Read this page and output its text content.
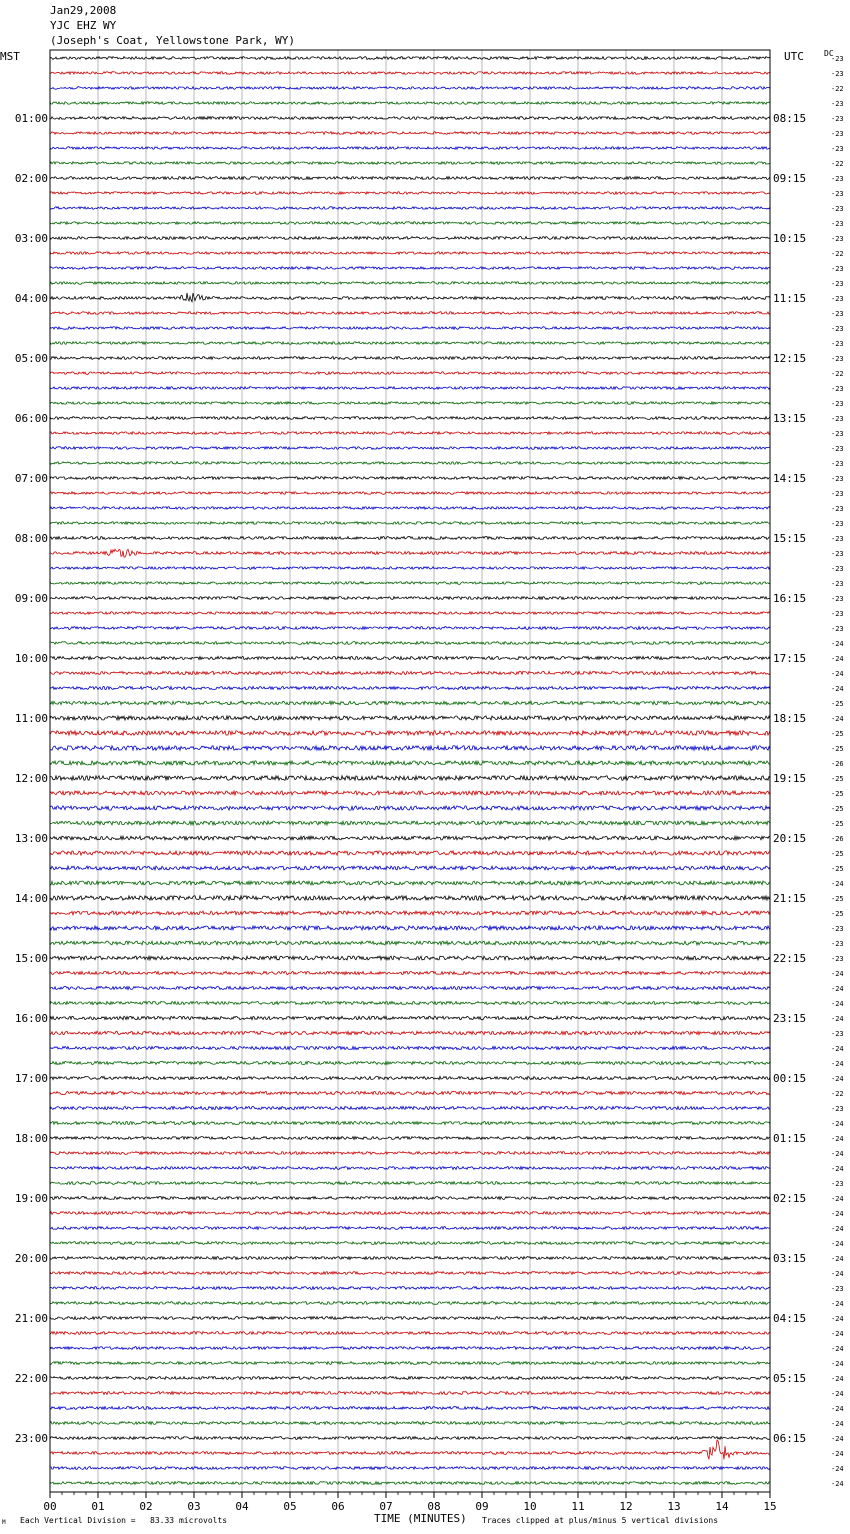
Jan29,2008
YJC EHZ WY
(Joseph's Coat, Yellowstone Park, WY)
MST	UTC	DC
01:00
02:00
03:00
04:00
05:00
06:00
07:00
08:00
09:00
10:00
11:00
12:00
13:00
14:00
15:00
16:00
17:00
18:00
19:00
20:00
21:00
22:00
23:00
08:15
09:15
10:15
11:15
12:15
13:15
14:15
15:15
16:15
17:15
18:15
19:15
20:15
21:15
22:15
23:15
00:15
01:15
02:15
03:15
04:15
05:15
06:15
-23
-23
-22
-23
-23
-23
-23
-22
-23
-23
-23
-23
-23
-22
-23
-23
-23
-23
-23
-23
-23
-22
-23
-23
-23
-23
-23
-23
-23
-23
-23
-23
-23
-23
-23
-23
-23
-23
-23
-24
-24
-24
-24
-25
-24
-25
-25
-26
-25
-25
-25
-25
-26
-25
-25
-24
-25
-25
-23
-23
-23
-24
-24
-24
-24
-23
-24
-24
-24
-22
-23
-24
-24
-24
-24
-23
-24
-24
-24
-24
-24
-24
-23
-24
-24
-24
-24
-24
-24
-24
-24
-24
-24
-24
-24
-24
00	01	02	03	04	05	06	07	08	09	10	11	12	13	14	15
M Each Vertical Division =   83.33 microvolts	TIME (MINUTES) Traces clipped at plus/minus 5 vertical divisions
